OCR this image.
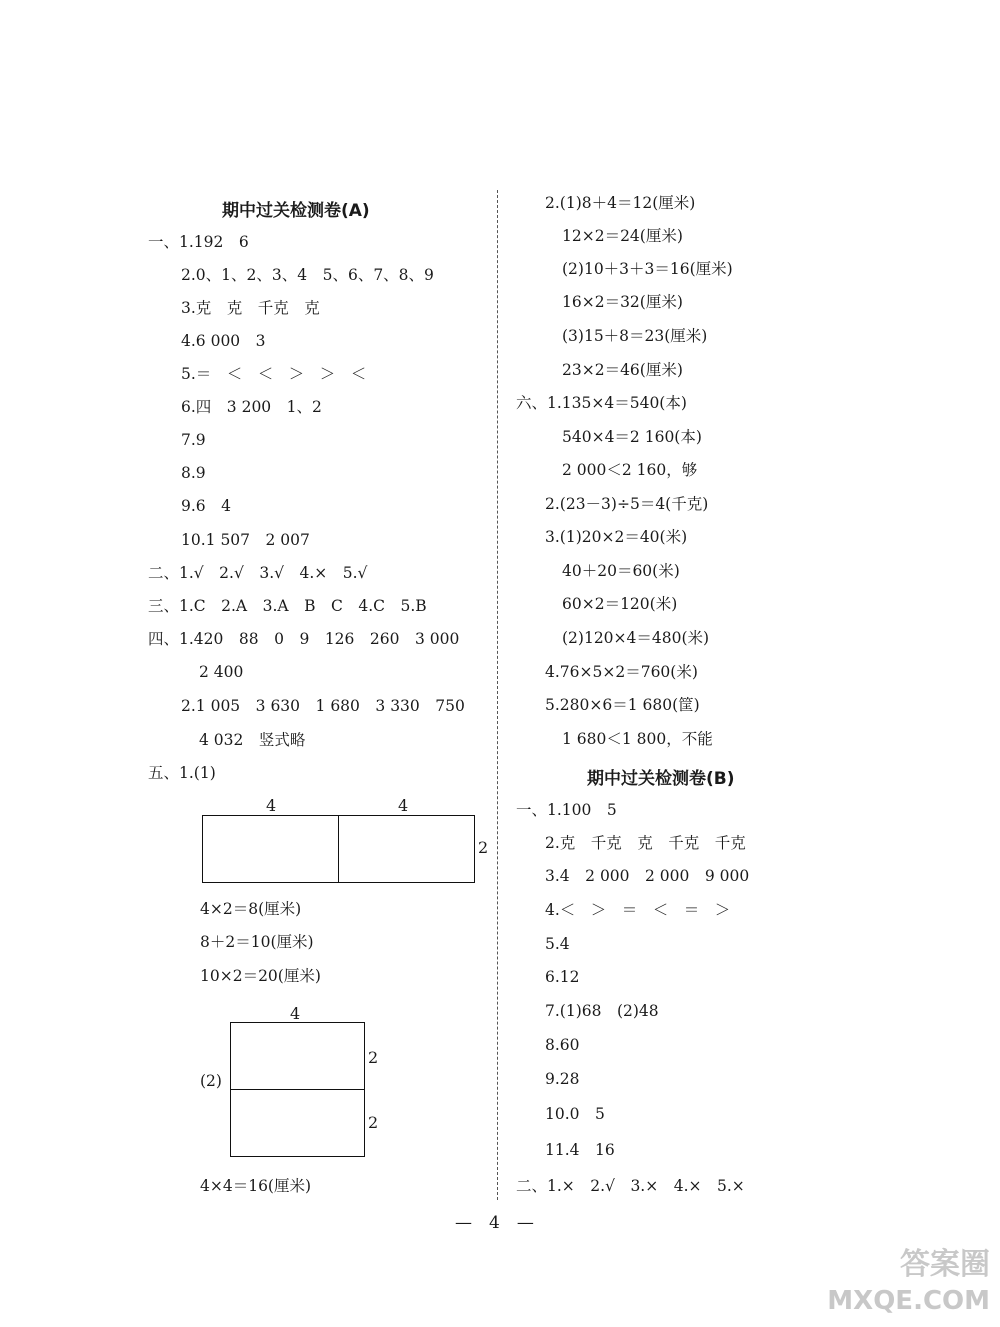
期中过关检测卷(A)
一、1.192　6
2.0、1、2、3、4　5、6、7、8、9
3.克　克　千克　克
4.6 000　3
5.＝　＜　＜　＞　＞　＜
6.四　3 200　1、2
7.9
8.9
9.6　4
10.1 507　2 007
二、1.√　2.√　3.√　4.×　5.√
三、1.C　2.A　3.A　B　C　4.C　5.B
四、1.420　88　0　9　126　260　3 000
2 400
2.1 005　3 630　1 680　3 330　750
4 032　竖式略
五、1.(1)
4	4
2
4×2＝8(厘米)
8＋2＝10(厘米)
10×2＝20(厘米)
4
2
2
(2)
4×4＝16(厘米)
2.(1)8＋4＝12(厘米)
12×2＝24(厘米)
(2)10＋3＋3＝16(厘米)
16×2＝32(厘米)
(3)15＋8＝23(厘米)
23×2＝46(厘米)
六、1.135×4＝540(本)
540×4＝2 160(本)
2 000＜2 160，够
2.(23－3)÷5＝4(千克)
3.(1)20×2＝40(米)
40＋20＝60(米)
60×2＝120(米)
(2)120×4＝480(米)
4.76×5×2＝760(米)
5.280×6＝1 680(筐)
1 680＜1 800，不能
期中过关检测卷(B)
一、1.100　5
2.克　千克　克　千克　千克
3.4　2 000　2 000　9 000
4.＜　＞　＝　＜　＝　＞
5.4
6.12
7.(1)68　(2)48
8.60
9.28
10.0　5
11.4　16
二、1.×　2.√　3.×　4.×　5.×
—　4　—
答案圈
MXQE.COM
